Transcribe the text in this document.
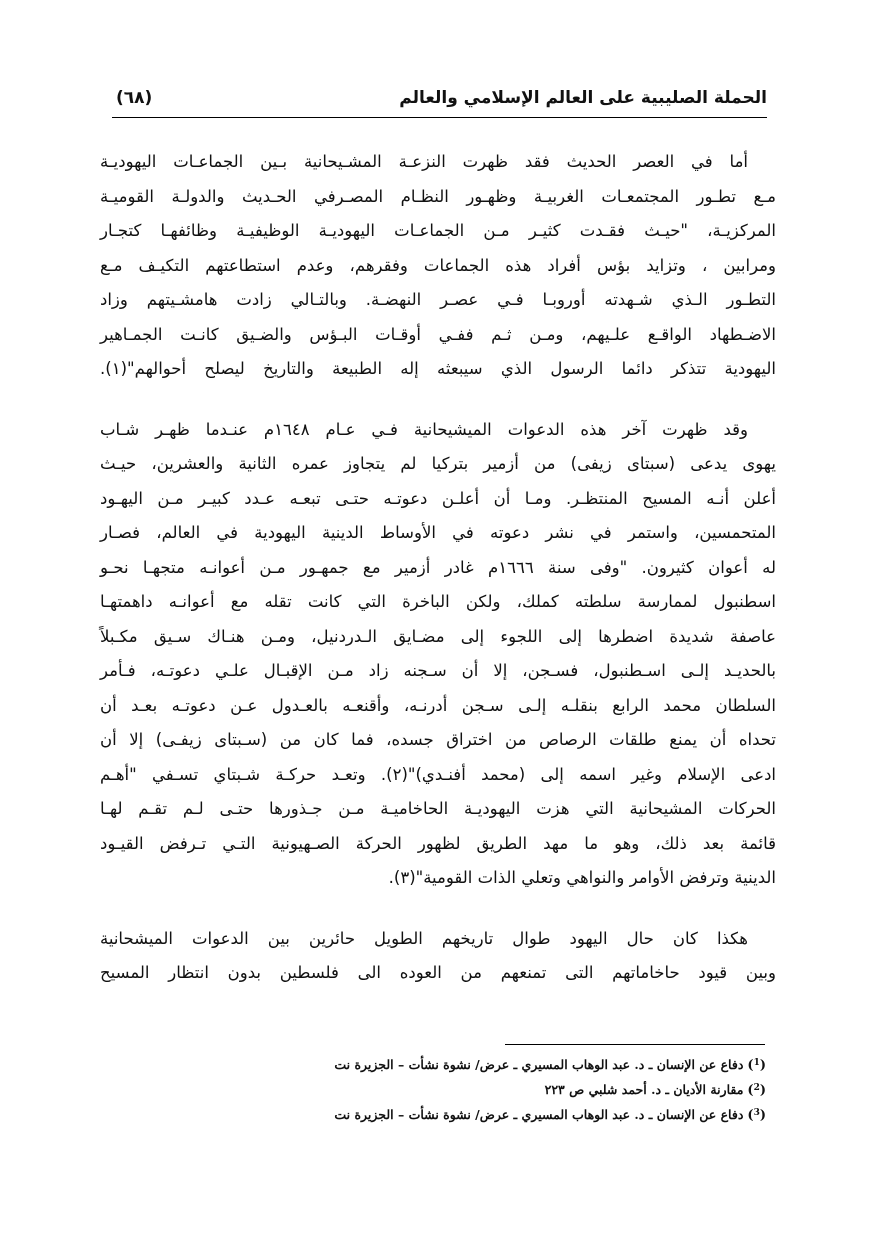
الحملة الصليبية على العالم الإسلامي والعالم
(٦٨)
أما في العصر الحديث فقد ظهرت النزعـة المشـيحانية بـين الجماعـات اليهوديـة
مـع تطـور المجتمعـات الغربيـة وظهـور النظـام المصـرفي الحـديث والدولـة القوميـة
المركزيـة، "حيـث فقـدت كثيـر مـن الجماعـات اليهوديـة الوظيفيـة وظائفهـا كتجـار
ومرابين ، وتزايد بؤس أفراد هذه الجماعات وفقرهم، وعدم استطاعتهم التكيـف مـع
التطـور الـذي شـهدته أوروبـا فـي عصـر النهضـة. وبالتـالي زادت هامشـيتهم وزاد
الاضـطهاد الواقـع علـيهم، ومـن ثـم ففـي أوقـات البـؤس والضـيق كانـت الجمـاهير
اليهودية تتذكر دائما الرسول الذي سيبعثه إله الطبيعة والتاريخ ليصلح أحوالهم"(١).
وقد ظهرت آخر هذه الدعوات الميشيحانية فـي عـام ١٦٤٨م عنـدما ظهـر شـاب
يهوى يدعى (سبتاى زيفى) من أزمير بتركيا لم يتجاوز عمره الثانية والعشرين، حيـث
أعلن أنـه المسيح المنتظـر. ومـا أن أعلـن دعوتـه حتـى تبعـه عـدد كبيـر مـن اليهـود
المتحمسين، واستمر في نشر دعوته في الأوساط الدينية اليهودية في العالم، فصـار
له أعوان كثيرون. "وفى سنة ١٦٦٦م غادر أزمير مع جمهـور مـن أعوانـه متجهـا نحـو
اسطنبول لممارسة سلطته كملك، ولكن الباخرة التي كانت تقله مع أعوانـه داهمتهـا
عاصفة شديدة اضطرها إلى اللجوء إلى مضـايق الـدردنيل، ومـن هنـاك سـيق مكـبلاً
بالحديـد إلـى اسـطنبول، فسـجن، إلا أن سـجنه زاد مـن الإقبـال علـي دعوتـه، فـأمر
السلطان محمد الرابع بنقلـه إلـى سـجن أدرنـه، وأقنعـه بالعـدول عـن دعوتـه بعـد أن
تحداه أن يمنع طلقات الرصاص من اختراق جسده، فما كان من (سـبتاى زيفـى) إلا أن
ادعى الإسلام وغير اسمه إلى (محمد أفنـدي)"(٢). وتعـد حركـة شـبتاي تسـفي "أهـم
الحركات المشيحانية التي هزت اليهوديـة الحاخاميـة مـن جـذورها حتـى لـم تقـم لهـا
قائمة بعد ذلك، وهو ما مهد الطريق لظهور الحركة الصـهيونية التـي تـرفض القيـود
الدينية وترفض الأوامر والنواهي وتعلي الذات القومية"(٣).
هكذا كان حال اليهود طوال تاريخهم الطويل حائرين بين الدعوات الميشحانية
وبين قيود حاخاماتهم التى تمنعهم من العوده الى فلسطين بدون انتظار المسيح
($^1$)دفاع عن الإنسان ـ د. عبد الوهاب المسيري ـ عرض/ نشوة نشأت – الجزيرة نت
($^2$)مقارنة الأديان ـ د. أحمد شلبي ص ٢٢٣
($^3$)دفاع عن الإنسان ـ د. عبد الوهاب المسيري ـ عرض/ نشوة نشأت – الجزيرة نت
